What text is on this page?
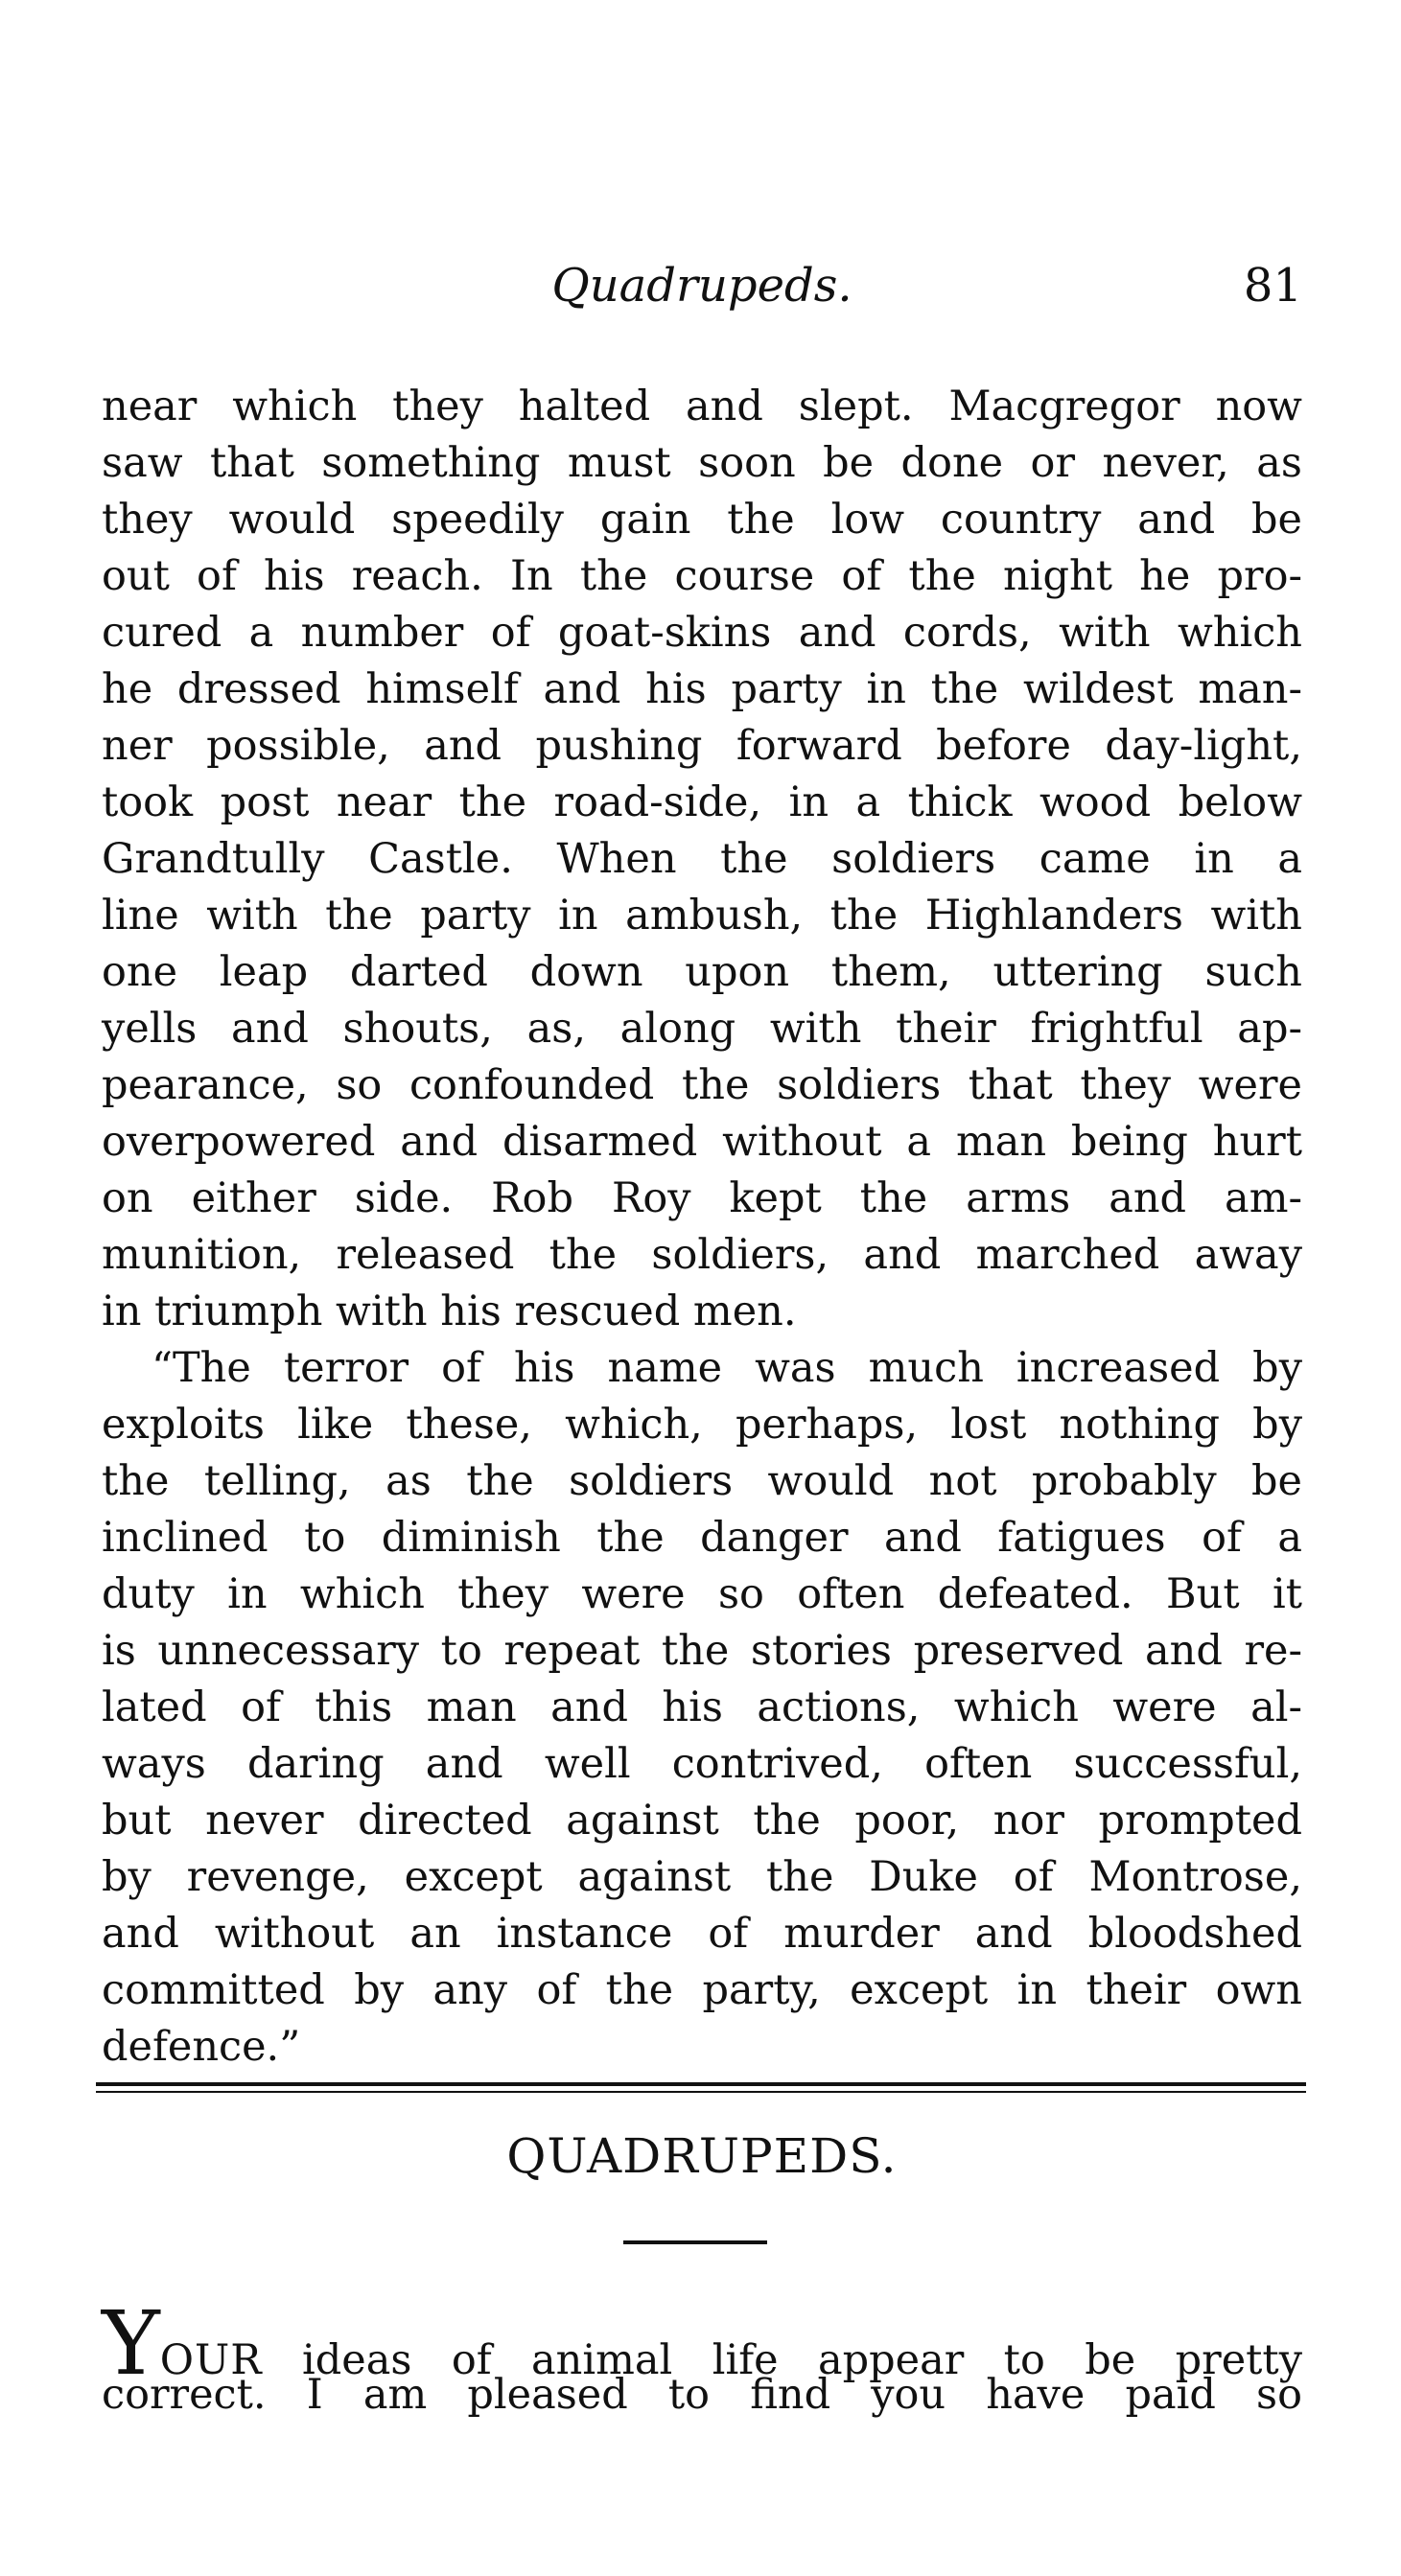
Quadrupeds.	81
near which they halted and slept. Macgregor now
saw that something must soon be done or never, as
they would speedily gain the low country and be
out of his reach. In the course of the night he pro-
cured a number of goat-skins and cords, with which
he dressed himself and his party in the wildest man-
ner possible, and pushing forward before day-light,
took post near the road-side, in a thick wood below
Grandtully Castle. When the soldiers came in a
line with the party in ambush, the Highlanders with
one leap darted down upon them, uttering such
yells and shouts, as, along with their frightful ap-
pearance, so confounded the soldiers that they were
overpowered and disarmed without a man being hurt
on either side. Rob Roy kept the arms and am-
munition, released the soldiers, and marched away
in triumph with his rescued men.
“The terror of his name was much increased by
exploits like these, which, perhaps, lost nothing by
the telling, as the soldiers would not probably be
inclined to diminish the danger and fatigues of a
duty in which they were so often defeated. But it
is unnecessary to repeat the stories preserved and re-
lated of this man and his actions, which were al-
ways daring and well contrived, often successful,
but never directed against the poor, nor prompted
by revenge, except against the Duke of Montrose,
and without an instance of murder and bloodshed
committed by any of the party, except in their own
defence.”
QUADRUPEDS.
YOUR ideas of animal life appear to be pretty
correct. I am pleased to find you have paid so
